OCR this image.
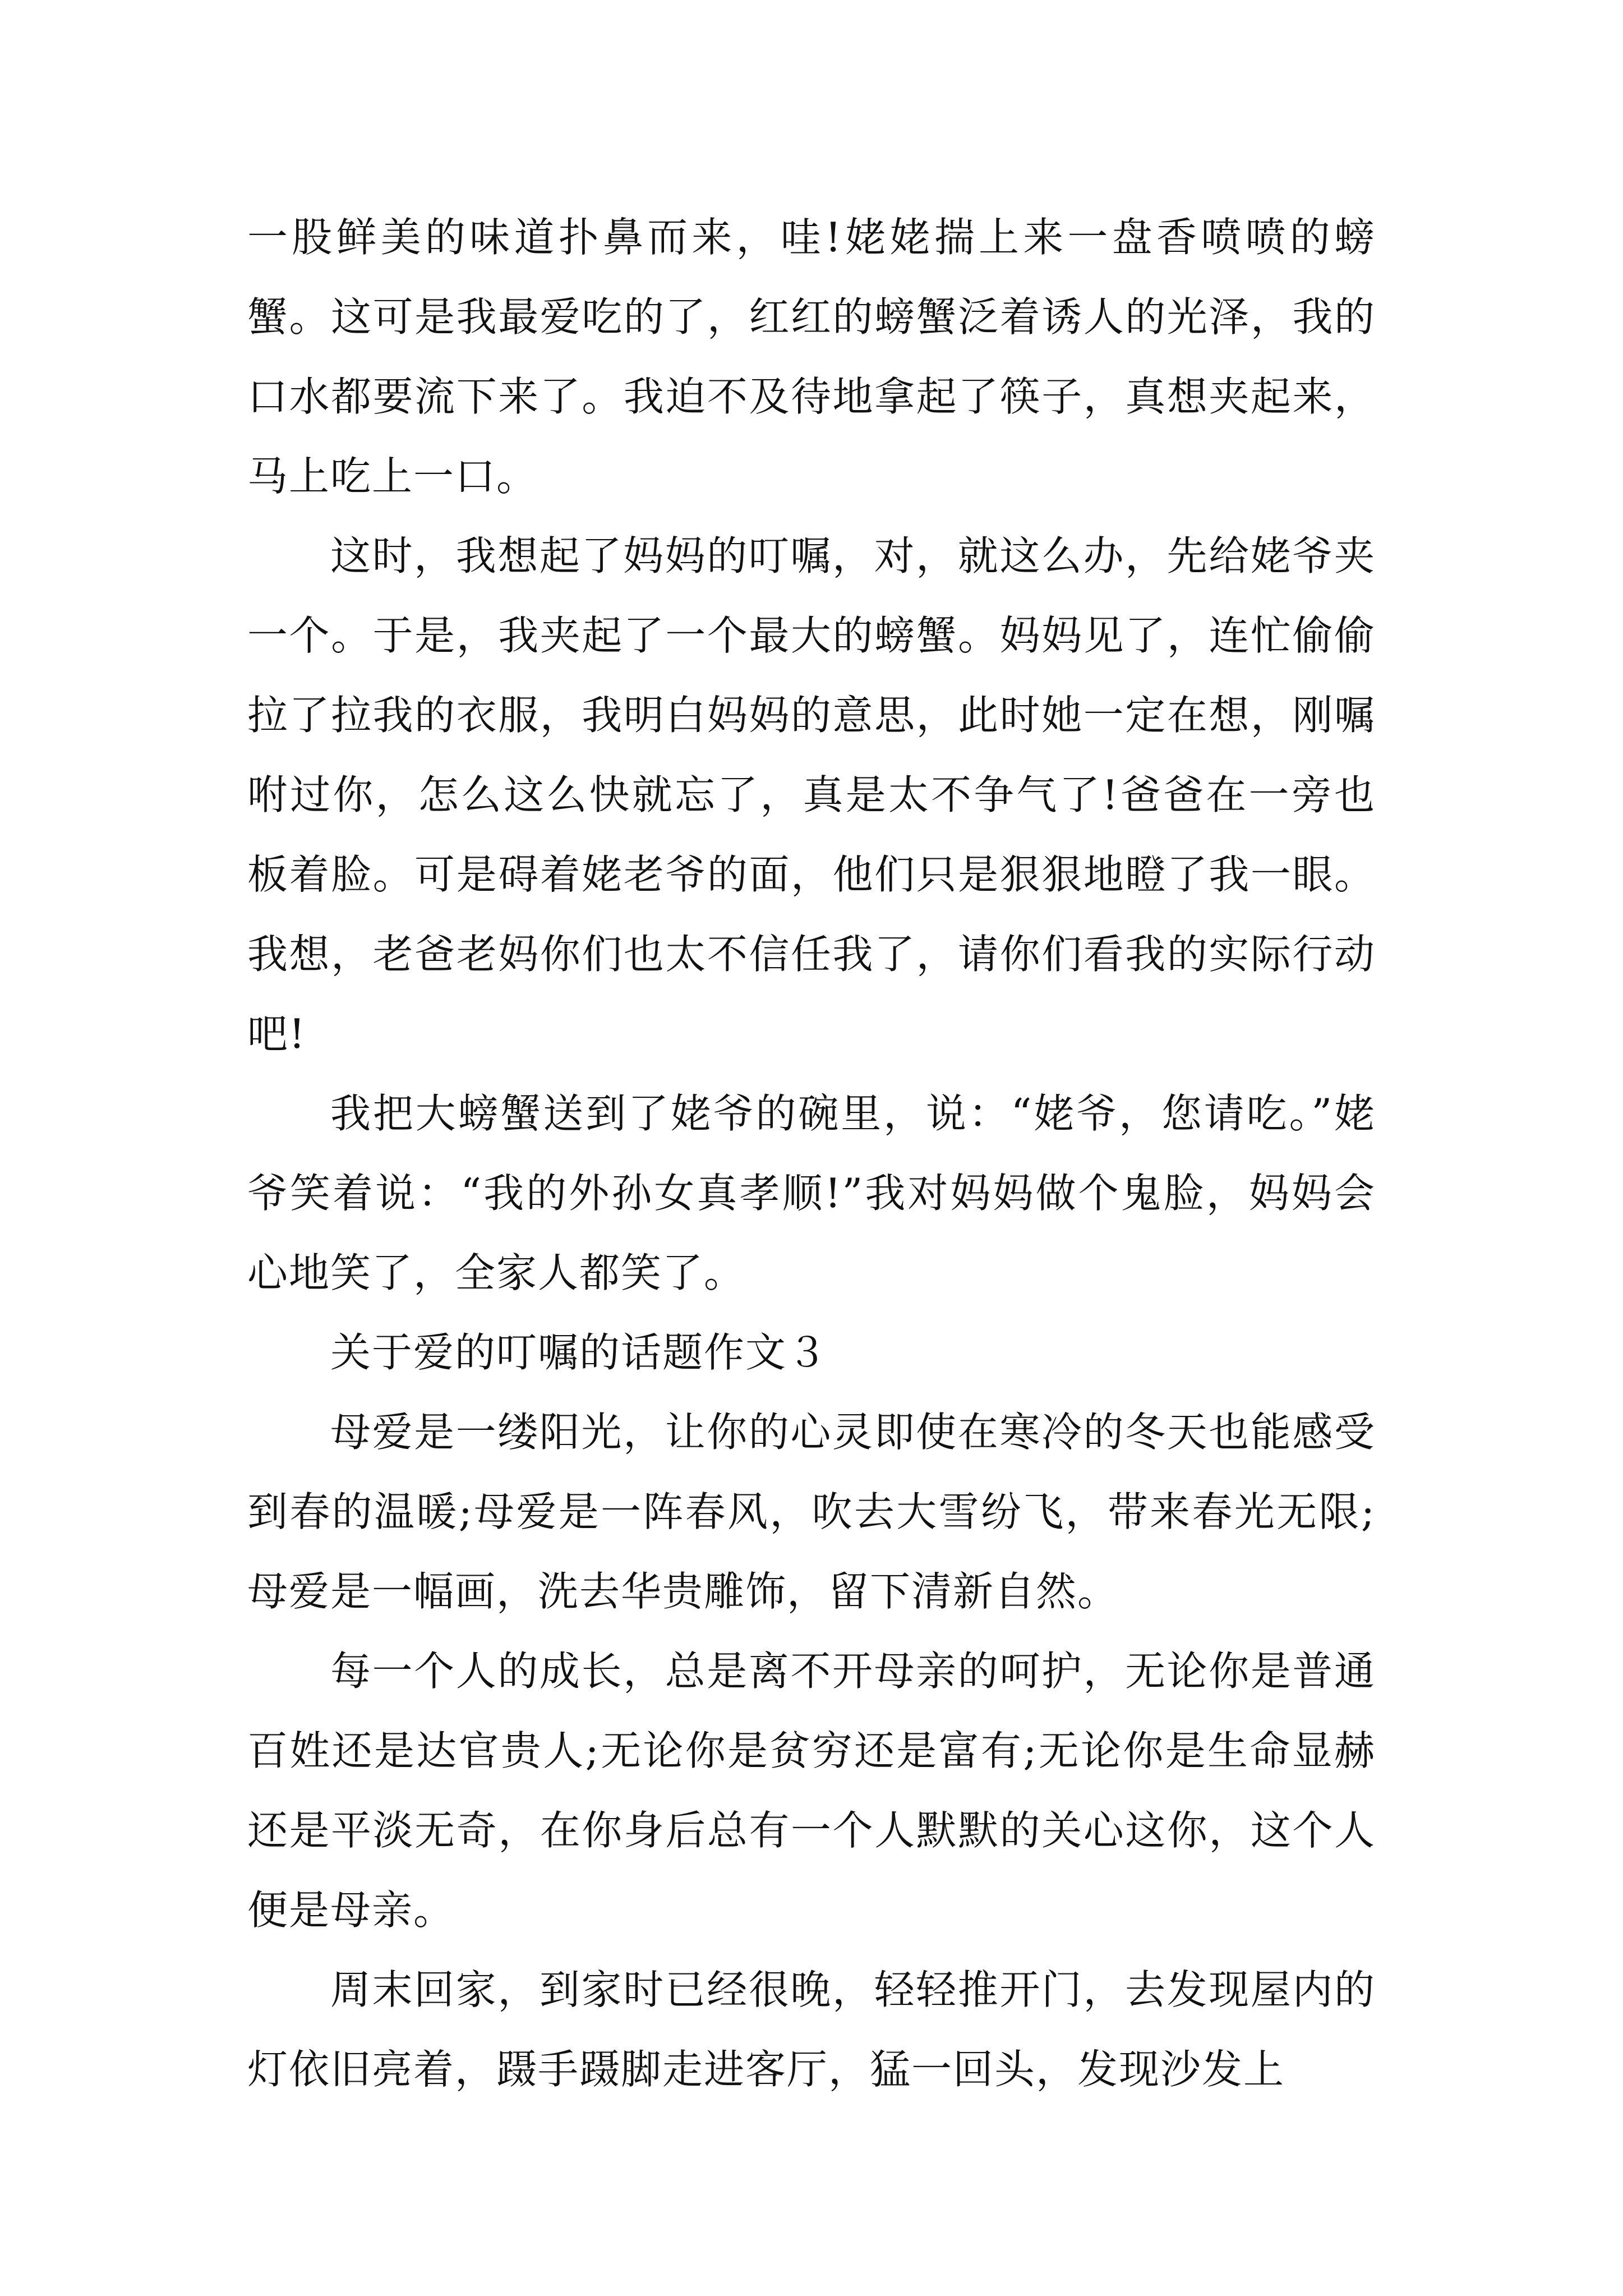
一股鲜美的味道扑鼻而来，哇!姥姥揣上来一盘香喷喷的螃蟹。这可是我最爱吃的了，红红的螃蟹泛着诱人的光泽，我的口水都要流下来了。我迫不及待地拿起了筷子，真想夹起来，马上吃上一口。

这时，我想起了妈妈的叮嘱，对，就这么办，先给姥爷夹一个。于是，我夹起了一个最大的螃蟹。妈妈见了，连忙偷偷拉了拉我的衣服，我明白妈妈的意思，此时她一定在想，刚嘱咐过你，怎么这么快就忘了，真是太不争气了!爸爸在一旁也板着脸。可是碍着姥老爷的面，他们只是狠狠地瞪了我一眼。我想，老爸老妈你们也太不信任我了，请你们看我的实际行动吧!

我把大螃蟹送到了姥爷的碗里，说：“姥爷，您请吃。”姥爷笑着说：“我的外孙女真孝顺!”我对妈妈做个鬼脸，妈妈会心地笑了，全家人都笑了。

关于爱的叮嘱的话题作文３

母爱是一缕阳光，让你的心灵即使在寒冷的冬天也能感受到春的温暖;母爱是一阵春风，吹去大雪纷飞，带来春光无限;母爱是一幅画，洗去华贵雕饰，留下清新自然。

每一个人的成长，总是离不开母亲的呵护，无论你是普通百姓还是达官贵人;无论你是贫穷还是富有;无论你是生命显赫还是平淡无奇，在你身后总有一个人默默的关心这你，这个人便是母亲。

周末回家，到家时已经很晚，轻轻推开门，去发现屋内的灯依旧亮着，蹑手蹑脚走进客厅，猛一回头，发现沙发上
